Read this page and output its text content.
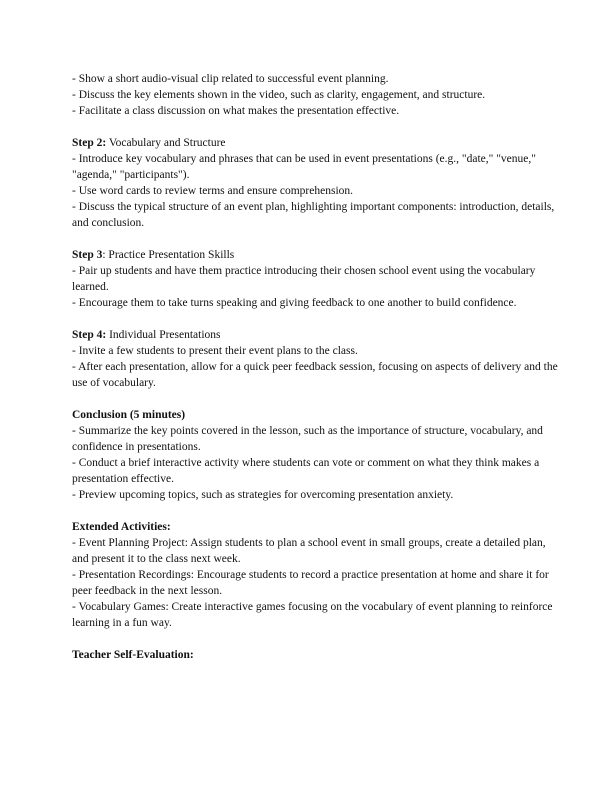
- Show a short audio-visual clip related to successful event planning.

- Discuss the key elements shown in the video, such as clarity, engagement, and structure.

- Facilitate a class discussion on what makes the presentation effective.

Step 2: Vocabulary and Structure

- Introduce key vocabulary and phrases that can be used in event presentations (e.g., "date," "venue," "agenda," "participants").

- Use word cards to review terms and ensure comprehension.

- Discuss the typical structure of an event plan, highlighting important components: introduction, details, and conclusion.

Step 3: Practice Presentation Skills

- Pair up students and have them practice introducing their chosen school event using the vocabulary learned.

- Encourage them to take turns speaking and giving feedback to one another to build confidence.

Step 4: Individual Presentations

- Invite a few students to present their event plans to the class.

- After each presentation, allow for a quick peer feedback session, focusing on aspects of delivery and the use of vocabulary.

Conclusion (5 minutes)

- Summarize the key points covered in the lesson, such as the importance of structure, vocabulary, and confidence in presentations.

- Conduct a brief interactive activity where students can vote or comment on what they think makes a presentation effective.

- Preview upcoming topics, such as strategies for overcoming presentation anxiety.

Extended Activities:

- Event Planning Project: Assign students to plan a school event in small groups, create a detailed plan, and present it to the class next week.

- Presentation Recordings: Encourage students to record a practice presentation at home and share it for peer feedback in the next lesson.

- Vocabulary Games: Create interactive games focusing on the vocabulary of event planning to reinforce learning in a fun way.

Teacher Self-Evaluation:
